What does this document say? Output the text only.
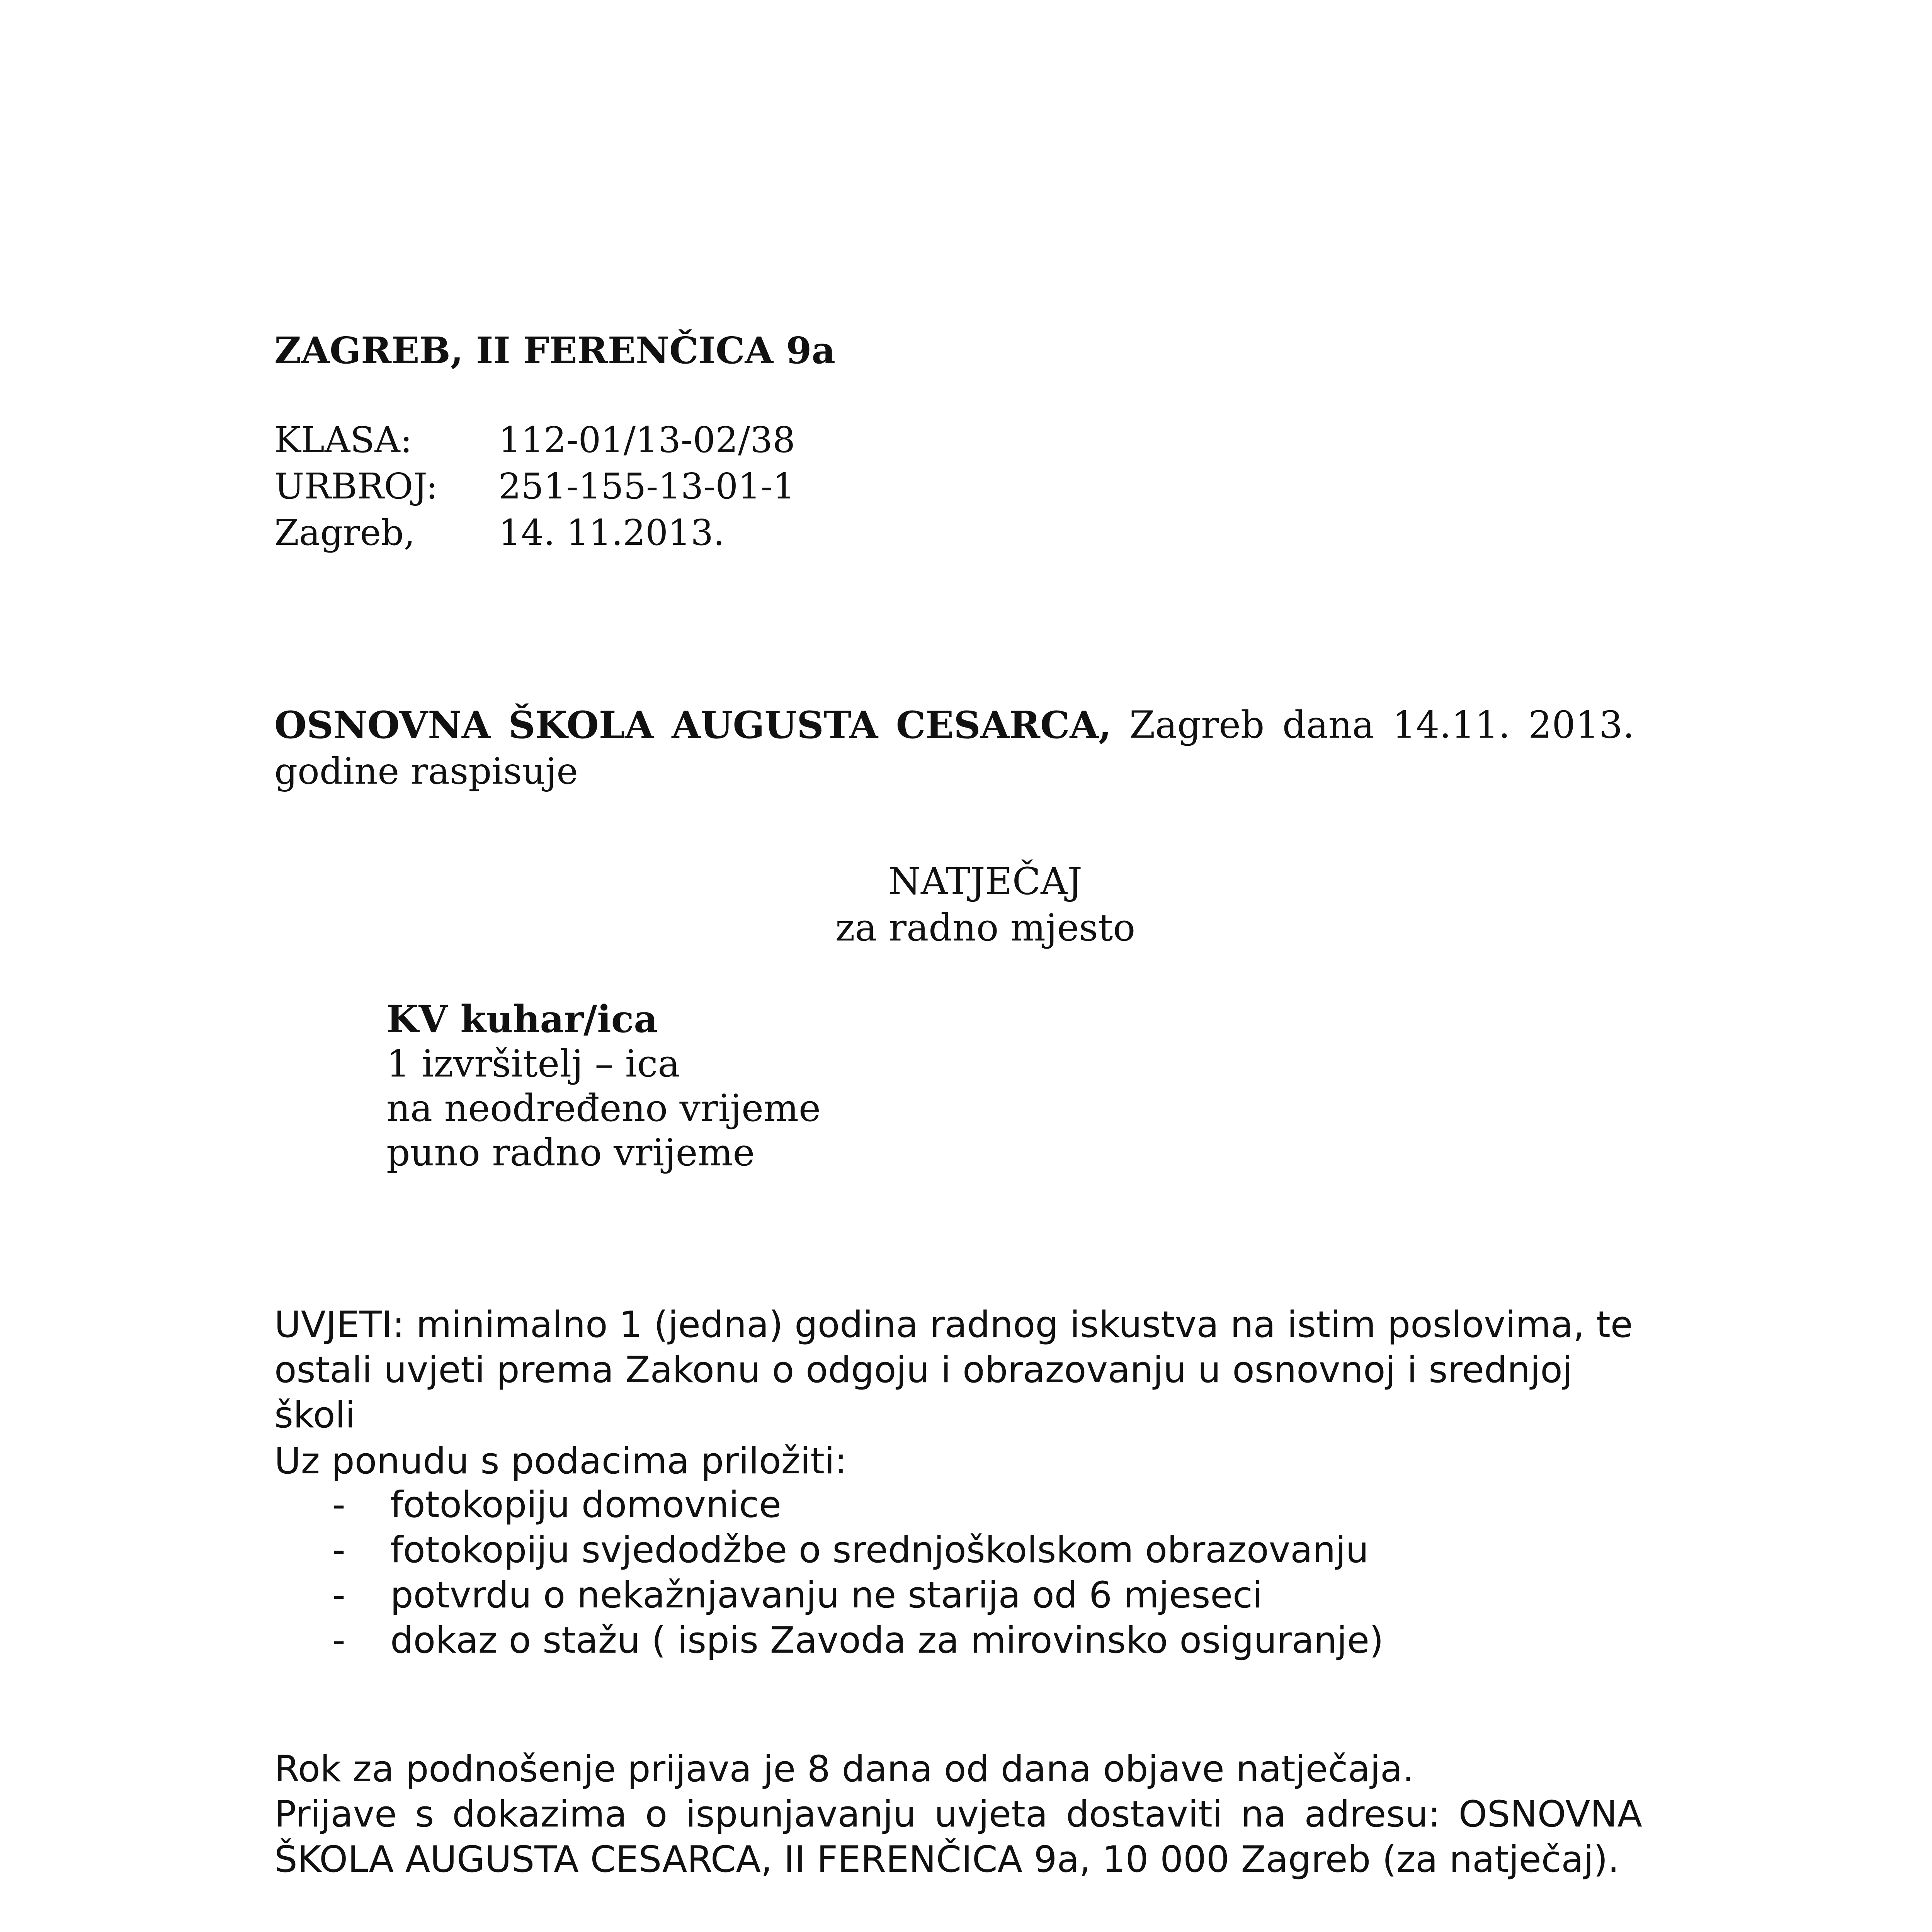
ZAGREB, II FERENČICA 9a
KLASA: 112-01/13-02/38
URBROJ: 251-155-13-01-1
Zagreb, 14. 11.2013.
OSNOVNA ŠKOLA AUGUSTA CESARCA, Zagreb dana 14.11. 2013.
godine raspisuje
NATJEČAJ
za radno mjesto
KV kuhar/ica
1 izvršitelj – ica
na neodređeno vrijeme
puno radno vrijeme
UVJETI: minimalno 1 (jedna) godina radnog iskustva na istim poslovima, te ostali uvjeti prema Zakonu o odgoju i obrazovanju u osnovnoj i srednjoj školi
Uz ponudu s podacima priložiti:
- fotokopiju domovnice
- fotokopiju svjedodžbe o srednjoškolskom obrazovanju
- potvrdu o nekažnjavanju ne starija od 6 mjeseci
- dokaz o stažu ( ispis Zavoda za mirovinsko osiguranje)
Rok za podnošenje prijava je 8 dana od dana objave natječaja.
Prijave s dokazima o ispunjavanju uvjeta dostaviti na adresu: OSNOVNA ŠKOLA AUGUSTA CESARCA, II FERENČICA 9a, 10 000 Zagreb (za natječaj).
